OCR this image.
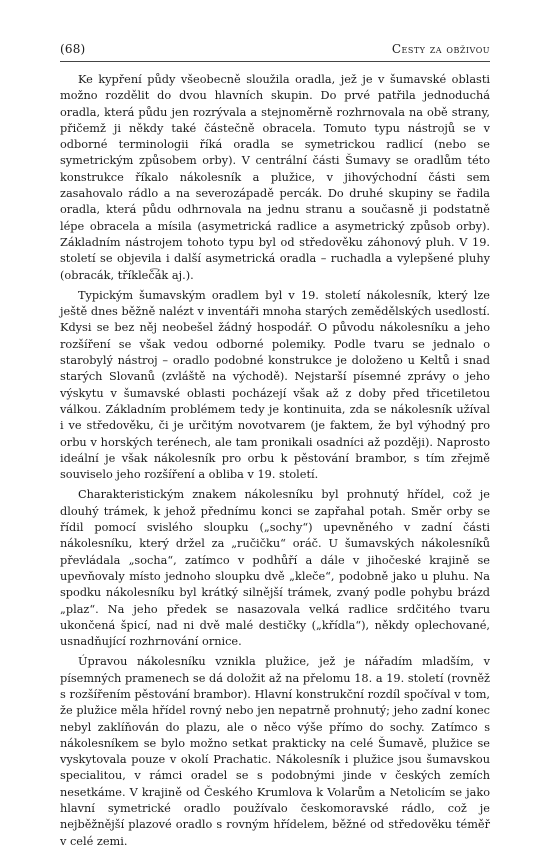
(68)	Cesty za obživou

Ke kypření půdy všeobecně sloužila oradla, jež je v šumavské oblasti možno rozdělit do dvou hlavních skupin. Do prvé patřila jednoduchá oradla, která půdu jen rozrývala a stejnoměrně rozhrnovala na obě strany, přičemž ji někdy také částečně obracela. Tomuto typu nástrojů se v odborné terminologii říká oradla se symetrickou radlicí (nebo se symetrickým způsobem orby). V centrální části Šumavy se oradlům této konstrukce říkalo nákolesník a plužice, v jihovýchodní části sem zasahovalo rádlo a na severozápadě percák. Do druhé skupiny se řadila oradla, která půdu odhrnovala na jednu stranu a současně ji podstatně lépe obracela a mísila (asymetrická radlice a asymetrický způsob orby). Základním nástrojem tohoto typu byl od středověku záhonový pluh. V 19. století se objevila i další asymetrická oradla – ruchadla a vylepšené pluhy (obracák, tříkleč͡ák aj.).

Typickým šumavským oradlem byl v 19. století nákolesník, který lze ještě dnes běžně nalézt v inventáři mnoha starých zemědělských usedlostí. Kdysi se bez něj neobešel žádný hospodář. O původu nákolesníku a jeho rozšíření se však vedou odborné polemiky. Podle tvaru se jednalo o starobylý nástroj – oradlo podobné konstrukce je doloženo u Keltů i snad starých Slovanů (zvláště na východě). Nejstarší písemné zprávy o jeho výskytu v šumavské oblasti pocházejí však až z doby před třicetiletou válkou. Základním problémem tedy je kontinuita, zda se nákolesník užíval i ve středověku, či je určitým novotvarem (je faktem, že byl výhodný pro orbu v horských terénech, ale tam pronikali osadníci až později). Naprosto ideální je však nákolesník pro orbu k pěstování brambor, s tím zřejmě souviselo jeho rozšíření a obliba v 19. století.

Charakteristickým znakem nákolesníku byl prohnutý hřídel, což je dlouhý trámek, k jehož přednímu konci se zapřahal potah. Směr orby se řídil pomocí svislého sloupku („sochy“) upevněného v zadní části nákolesníku, který držel za „ručičku“ oráč. U šumavských nákolesníků převládala „socha“, zatímco v podhůří a dále v jihočeské krajině se upevňovaly místo jednoho sloupku dvě „kleče“, podobně jako u pluhu. Na spodku nákolesníku byl krátký silnější trámek, zvaný podle pohybu brázd „plaz“. Na jeho předek se nasazovala velká radlice srdčitého tvaru ukončená špicí, nad ni dvě malé destičky („křídla“), někdy oplechované, usnadňující rozhrnování ornice.

Úpravou nákolesníku vznikla plužice, jež je nářadím mladším, v písemných pramenech se dá doložit až na přelomu 18. a 19. století (rovněž s rozšířením pěstování brambor). Hlavní konstrukční rozdíl spočíval v tom, že plužice měla hřídel rovný nebo jen nepatrně prohnutý; jeho zadní konec nebyl zaklíňován do plazu, ale o něco výše přímo do sochy. Zatímco s nákolesníkem se bylo možno setkat prakticky na celé Šumavě, plužice se vyskytovala pouze v okolí Prachatic. Nákolesník i plužice jsou šumavskou specialitou, v rámci oradel se s podobnými jinde v českých zemích nesetkáme. V krajině od Českého Krumlova k Volarům a Netolicím se jako hlavní symetrické oradlo používalo českomoravské rádlo, což je nejběžnější plazové oradlo s rovným hřídelem, běžné od středověku téměř v celé zemi.
